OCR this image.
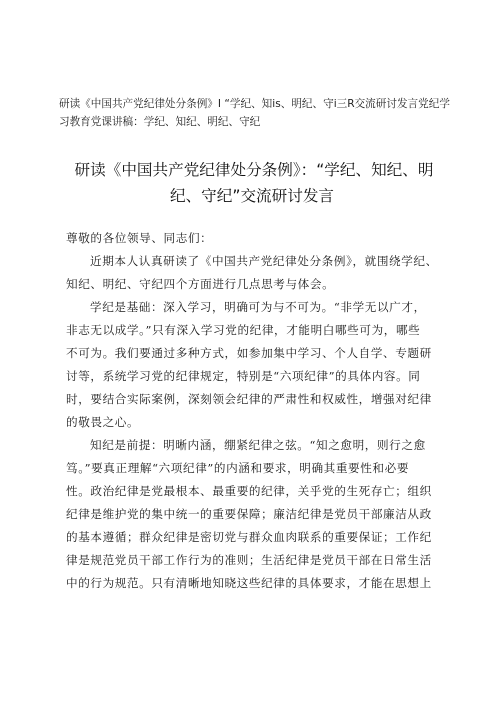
研读《中国共产党纪律处分条例》I “学纪、知is、明纪、守i三R交流研讨发言党纪学
习教育党课讲稿：学纪、知纪、明纪、守纪
研读《中国共产党纪律处分条例》：“学纪、知纪、明
纪、守纪”交流研讨发言
尊敬的各位领导、同志们：
近期本人认真研读了《中国共产党纪律处分条例》，就围绕学纪、
知纪、明纪、守纪四个方面进行几点思考与体会。
学纪是基础：深入学习，明确可为与不可为。“非学无以广才，
非志无以成学。”只有深入学习党的纪律，才能明白哪些可为，哪些
不可为。我们要通过多种方式，如参加集中学习、个人自学、专题研
讨等，系统学习党的纪律规定，特别是“六项纪律”的具体内容。同
时，要结合实际案例，深刻领会纪律的严肃性和权威性，增强对纪律
的敬畏之心。
知纪是前提：明晰内涵，绷紧纪律之弦。“知之愈明，则行之愈
笃。”要真正理解“六项纪律”的内涵和要求，明确其重要性和必要
性。政治纪律是党最根本、最重要的纪律，关乎党的生死存亡；组织
纪律是维护党的集中统一的重要保障；廉洁纪律是党员干部廉洁从政
的基本遵循；群众纪律是密切党与群众血肉联系的重要保证；工作纪
律是规范党员干部工作行为的准则；生活纪律是党员干部在日常生活
中的行为规范。只有清晰地知晓这些纪律的具体要求，才能在思想上
